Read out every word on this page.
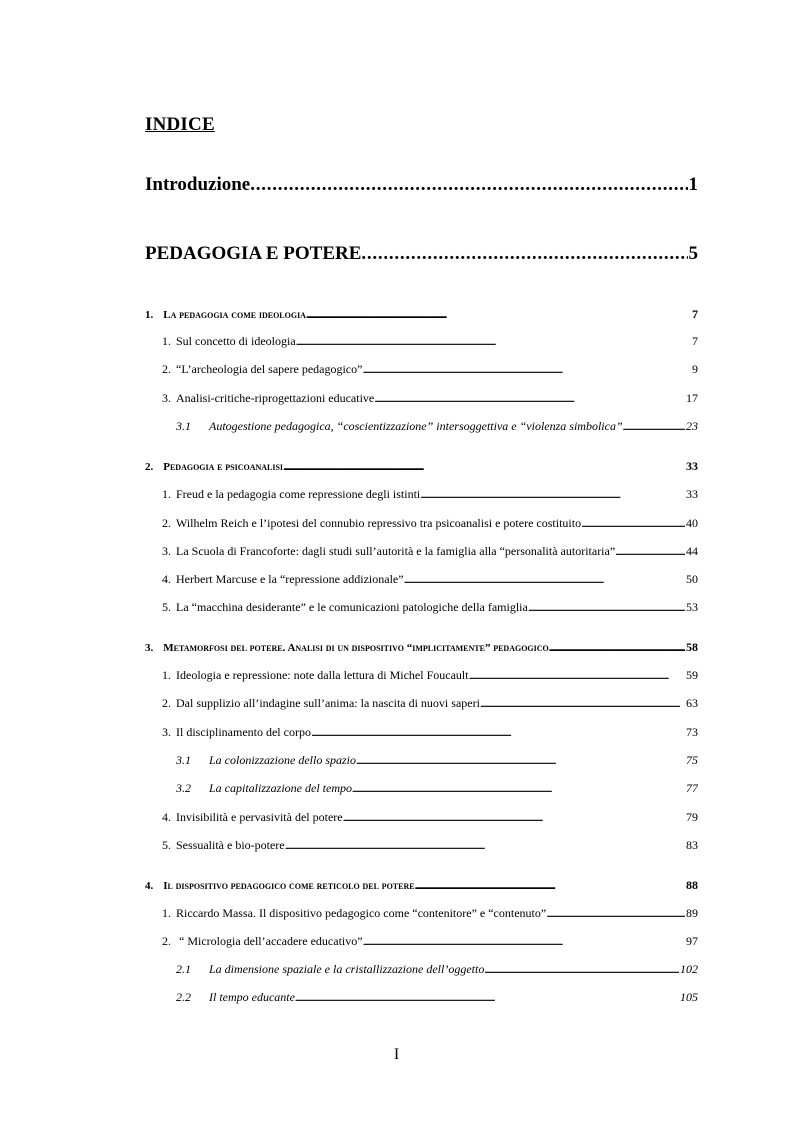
INDICE
Introduzione . . .	1
PEDAGOGIA E POTERE . . .	5
1. La pedagogia come ideologia . . .	7
1. Sul concetto di ideologia . . .	7
2. “L’archeologia del sapere pedagogico” . . .	9
3. Analisi-critiche-riprogettazioni educative . . .	17
3.1	Autogestione pedagogica, “coscientizzazione” intersoggettiva e “violenza simbolica” . . .	23
2. Pedagogia e psicoanalisi . . .	33
1. Freud e la pedagogia come repressione degli istinti . . .	33
2. Wilhelm Reich e l’ipotesi del connubio repressivo tra psicoanalisi e potere costituito . . .	40
3. La Scuola di Francoforte: dagli studi sull’autorità e la famiglia alla “personalità autoritaria” . . .	44
4. Herbert Marcuse e la “repressione addizionale” . . .	50
5. La “macchina desiderante” e le comunicazioni patologiche della famiglia . . .	53
3. Metamorfosi del potere. Analisi di un dispositivo “implicitamente” pedagogico . . .	58
1. Ideologia e repressione: note dalla lettura di Michel Foucault . . .	59
2. Dal supplizio all’indagine sull’anima: la nascita di nuovi saperi . . .	63
3. Il disciplinamento del corpo . . .	73
3.1	La colonizzazione dello spazio . . .	75
3.2	La capitalizzazione del tempo . . .	77
4. Invisibilità e pervasività del potere . . .	79
5. Sessualità e bio-potere . . .	83
4. Il dispositivo pedagogico come reticolo del potere . . .	88
1. Riccardo Massa. Il dispositivo pedagogico come “contenitore” e “contenuto” . . .	89
2. “ Micrologia dell’accadere educativo” . . .	97
2.1	La dimensione spaziale e la cristallizzazione dell’oggetto . . .	102
2.2	Il tempo educante . . .	105
I
